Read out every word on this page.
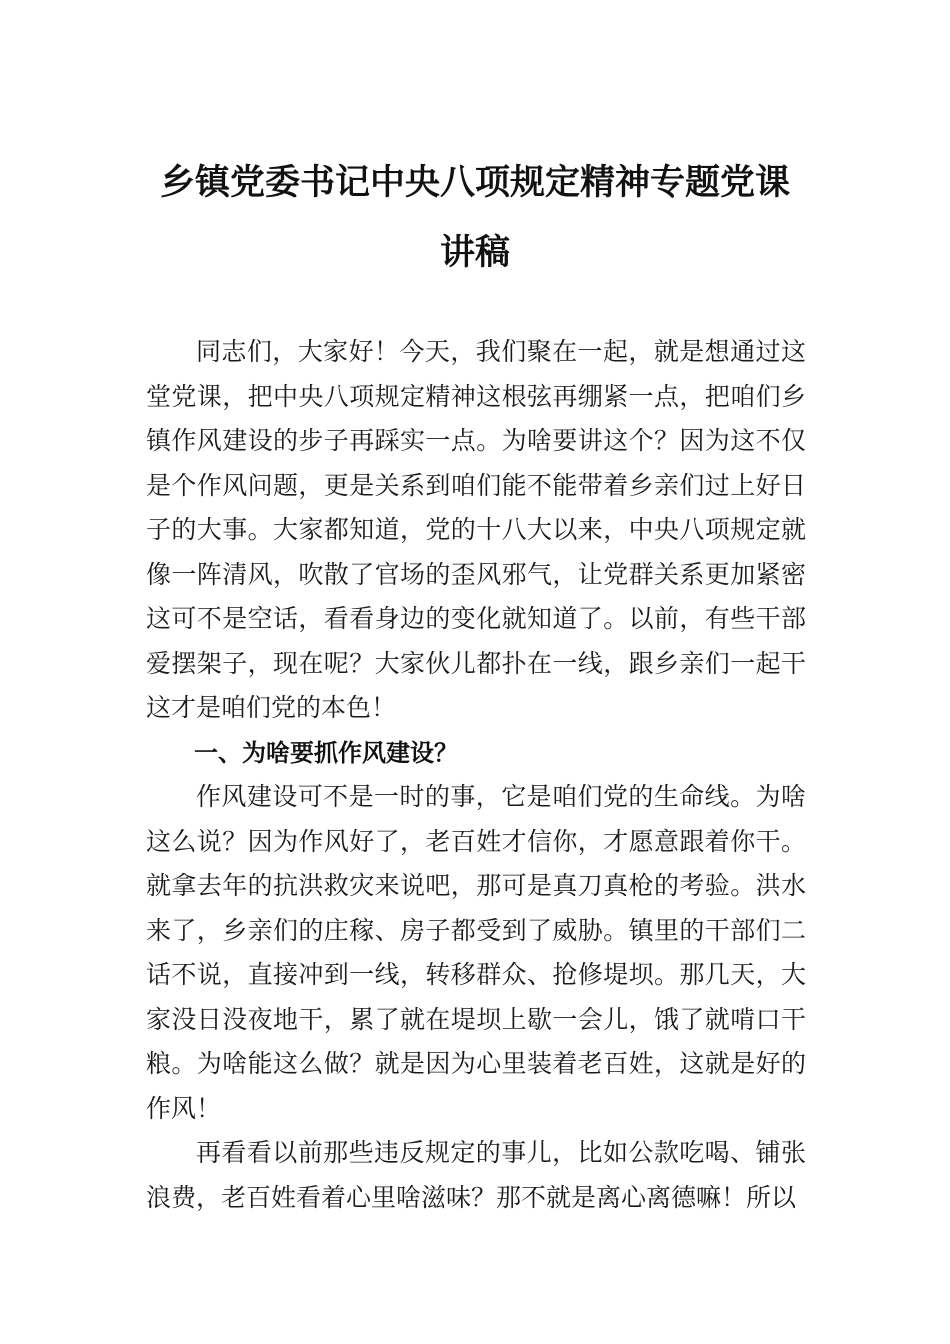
乡镇党委书记中央八项规定精神专题党课
讲稿

同志们，大家好！今天，我们聚在一起，就是想通过这堂党课，把中央八项规定精神这根弦再绷紧一点，把咱们乡镇作风建设的步子再踩实一点。为啥要讲这个？因为这不仅是个作风问题，更是关系到咱们能不能带着乡亲们过上好日子的大事。大家都知道，党的十八大以来，中央八项规定就像一阵清风，吹散了官场的歪风邪气，让党群关系更加紧密这可不是空话，看看身边的变化就知道了。以前，有些干部爱摆架子，现在呢？大家伙儿都扑在一线，跟乡亲们一起干这才是咱们党的本色！

一、为啥要抓作风建设？

作风建设可不是一时的事，它是咱们党的生命线。为啥这么说？因为作风好了，老百姓才信你，才愿意跟着你干。就拿去年的抗洪救灾来说吧，那可是真刀真枪的考验。洪水来了，乡亲们的庄稼、房子都受到了威胁。镇里的干部们二话不说，直接冲到一线，转移群众、抢修堤坝。那几天，大家没日没夜地干，累了就在堤坝上歇一会儿，饿了就啃口干粮。为啥能这么做？就是因为心里装着老百姓，这就是好的作风！

再看看以前那些违反规定的事儿，比如公款吃喝、铺张浪费，老百姓看着心里啥滋味？那不就是离心离德嘛！所以
